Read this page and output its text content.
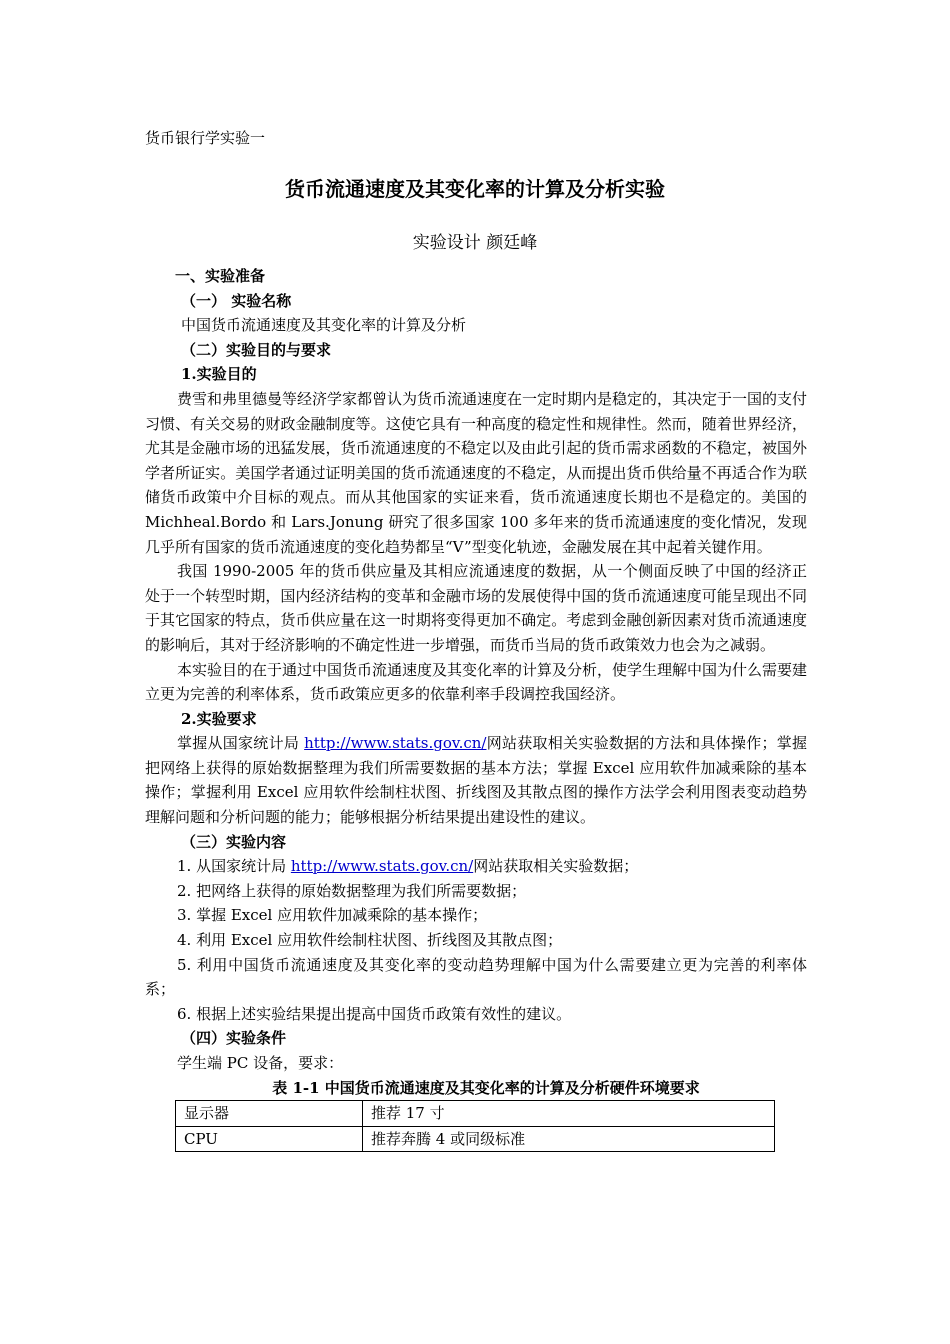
货币银行学实验一
货币流通速度及其变化率的计算及分析实验
实验设计 颜廷峰
一、实验准备
（一） 实验名称
中国货币流通速度及其变化率的计算及分析
（二）实验目的与要求
1.实验目的
费雪和弗里德曼等经济学家都曾认为货币流通速度在一定时期内是稳定的，其决定于一国的支付习惯、有关交易的财政金融制度等。这使它具有一种高度的稳定性和规律性。然而，随着世界经济，尤其是金融市场的迅猛发展，货币流通速度的不稳定以及由此引起的货币需求函数的不稳定，被国外学者所证实。美国学者通过证明美国的货币流通速度的不稳定，从而提出货币供给量不再适合作为联储货币政策中介目标的观点。而从其他国家的实证来看，货币流通速度长期也不是稳定的。美国的 Michheal.Bordo 和 Lars.Jonung 研究了很多国家 100 多年来的货币流通速度的变化情况，发现几乎所有国家的货币流通速度的变化趋势都呈“V”型变化轨迹，金融发展在其中起着关键作用。
我国 1990-2005 年的货币供应量及其相应流通速度的数据，从一个侧面反映了中国的经济正处于一个转型时期，国内经济结构的变革和金融市场的发展使得中国的货币流通速度可能呈现出不同于其它国家的特点，货币供应量在这一时期将变得更加不确定。考虑到金融创新因素对货币流通速度的影响后，其对于经济影响的不确定性进一步增强，而货币当局的货币政策效力也会为之减弱。
本实验目的在于通过中国货币流通速度及其变化率的计算及分析，使学生理解中国为什么需要建立更为完善的利率体系，货币政策应更多的依靠利率手段调控我国经济。
2.实验要求
掌握从国家统计局 http://www.stats.gov.cn/网站获取相关实验数据的方法和具体操作；掌握把网络上获得的原始数据整理为我们所需要数据的基本方法；掌握 Excel 应用软件加减乘除的基本操作；掌握利用 Excel 应用软件绘制柱状图、折线图及其散点图的操作方法学会利用图表变动趋势理解问题和分析问题的能力；能够根据分析结果提出建设性的建议。
（三）实验内容
1. 从国家统计局 http://www.stats.gov.cn/网站获取相关实验数据；
2. 把网络上获得的原始数据整理为我们所需要数据；
3. 掌握 Excel 应用软件加减乘除的基本操作；
4. 利用 Excel 应用软件绘制柱状图、折线图及其散点图；
5. 利用中国货币流通速度及其变化率的变动趋势理解中国为什么需要建立更为完善的利率体系；
6. 根据上述实验结果提出提高中国货币政策有效性的建议。
（四）实验条件
学生端 PC 设备，要求：
表 1-1 中国货币流通速度及其变化率的计算及分析硬件环境要求
显示器	推荐 17 寸
CPU	推荐奔腾 4 或同级标准
